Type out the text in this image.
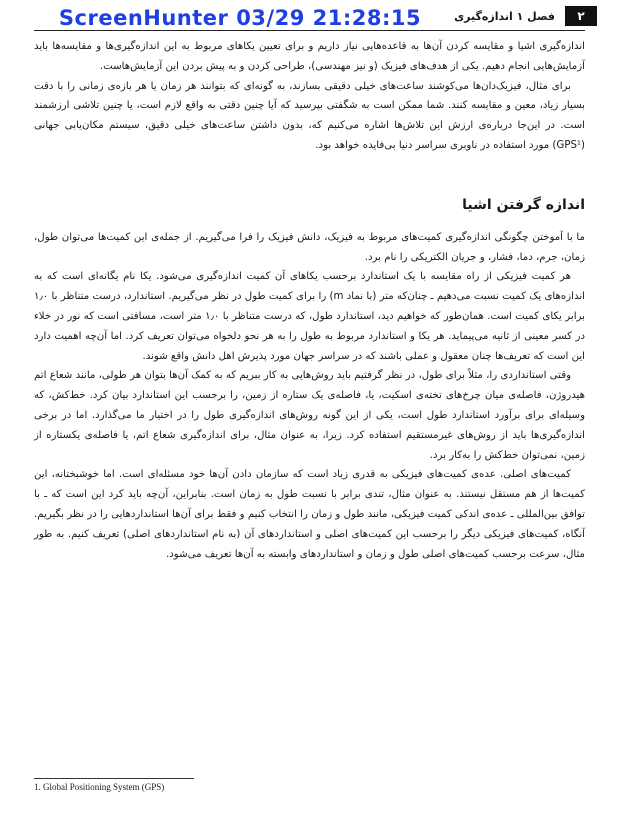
ScreenHunter 03/29 21:28:15	۲
فصل ۱ اندازه‌گیری

اندازه‌گیری اشیا و مقایسه کردن آن‌ها به قاعده‌هایی نیاز داریم و برای تعیین یکاهای مربوط به این اندازه‌گیری‌ها و مقایسه‌ها باید آزمایش‌هایی انجام دهیم. یکی از هدف‌های فیزیک (و نیز مهندسی)، طراحی کردن و به پیش بردن این آزمایش‌هاست.

برای مثال، فیزیک‌دان‌ها می‌کوشند ساعت‌های خیلی دقیقی بسازند، به گونه‌ای که بتوانند هر زمان یا هر بازه‌ی زمانی را با دقت بسیار زیاد، معین و مقایسه کنند. شما ممکن است به شگفتی بپرسید که آیا چنین دقتی به واقع لازم است، یا چنین تلاشی ارزشمند است. در این‌جا درباره‌ی ارزش این تلاش‌ها اشاره می‌کنیم که، بدون داشتن ساعت‌های خیلی دقیق، سیستم مکان‌یابی جهانی (GPS¹) مورد استفاده در ناوبری سراسر دنیا بی‌فایده خواهد بود.

اندازه گرفتن اشیا

ما با آموختن چگونگی اندازه‌گیری کمیت‌های مربوط به فیزیک، دانش فیزیک را فرا می‌گیریم. از جمله‌ی این کمیت‌ها می‌توان طول، زمان، جرم، دما، فشار، و جریان الکتریکی را نام برد.

هر کمیت فیزیکی از راه مقایسه با یک استاندارد برحسب یکاهای آن کمیت اندازه‌گیری می‌شود. یکا نام یگانه‌ای است که به اندازه‌های یک کمیت نسبت می‌دهیم ـ چنان‌که متر (با نماد m) را برای کمیت طول در نظر می‌گیریم. استاندارد، درست متناظر با ۱٫۰ برابر یکای کمیت است. همان‌طور که خواهیم دید، استاندارد طول، که درست متناظر با ۱٫۰ متر است، مسافتی است که نور در خلاء در کسر معینی از ثانیه می‌پیماید. هر یکا و استاندارد مربوط به طول را به هر نحو دلخواه می‌توان تعریف کرد. اما آن‌چه اهمیت دارد این است که تعریف‌ها چنان معقول و عملی باشند که در سراسر جهان مورد پذیرش اهل دانش واقع شوند.

وقتی استانداردی را، مثلاً برای طول، در نظر گرفتیم باید روش‌هایی به کار ببریم که به کمک آن‌ها بتوان هر طولی، مانند شعاع اتم هیدروژن، فاصله‌ی میان چرخ‌های تخته‌ی اسکیت، یا، فاصله‌ی یک ستاره از زمین، را برحسب این استاندارد بیان کرد. خط‌کش، که وسیله‌ای برای برآورد استاندارد طول است، یکی از این گونه روش‌های اندازه‌گیری طول را در اختیار ما می‌گذارد. اما در برخی اندازه‌گیری‌ها باید از روش‌های غیرمستقیم استفاده کرد. زیرا، به عنوان مثال، برای اندازه‌گیری شعاع اتم، یا فاصله‌ی یکستاره از زمین، نمی‌توان خط‌کش را به‌کار برد.

کمیت‌های اصلی. عده‌ی کمیت‌های فیزیکی به قدری زیاد است که سازمان دادن آن‌ها خود مسئله‌ای است. اما خوشبختانه، این کمیت‌ها از هم مستقل نیستند. به عنوان مثال، تندی برابر با نسبت طول به زمان است. بنابراین، آن‌چه باید کرد این است که ـ با توافق بین‌المللی ـ عده‌ی اندکی کمیت فیزیکی، مانند طول و زمان را انتخاب کنیم و فقط برای آن‌ها استانداردهایی را در نظر بگیریم. آنگاه، کمیت‌های فیزیکی دیگر را برحسب این کمیت‌های اصلی و استانداردهای آن (به نام استانداردهای اصلی) تعریف کنیم. به طور مثال، سرعت برحسب کمیت‌های اصلی طول و زمان و استانداردهای وابسته به آن‌ها تعریف می‌شود.

1. Global Positioning System (GPS)
